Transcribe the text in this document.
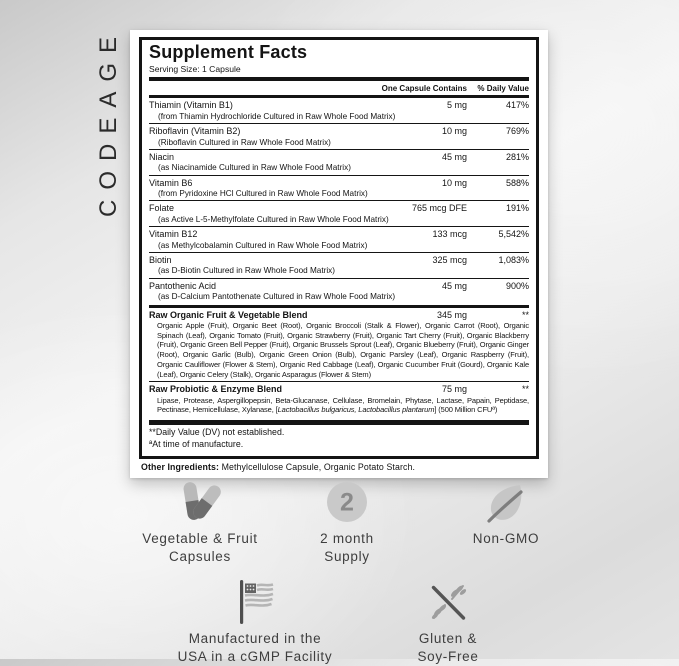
CODEAGE Supplement Facts
Serving Size: 1 Capsule
One Capsule Contains	% Daily Value
Thiamin (Vitamin B1)	5 mg	417%
(from Thiamin Hydrochloride Cultured in Raw Whole Food Matrix)
Riboflavin (Vitamin B2)	10 mg	769%
(Riboflavin Cultured in Raw Whole Food Matrix)
Niacin	45 mg	281%
(as Niacinamide Cultured in Raw Whole Food Matrix)
Vitamin B6	10 mg	588%
(from Pyridoxine HCl Cultured in Raw Whole Food Matrix)
Folate	765 mcg DFE	191%
(as Active L-5-Methylfolate Cultured in Raw Whole Food Matrix)
Vitamin B12	133 mcg	5,542%
(as Methylcobalamin Cultured in Raw Whole Food Matrix)
Biotin	325 mcg	1,083%
(as D-Biotin Cultured in Raw Whole Food Matrix)
Pantothenic Acid	45 mg	900%
(as D-Calcium Pantothenate Cultured in Raw Whole Food Matrix)
Raw Organic Fruit & Vegetable Blend	345 mg	**
Organic Apple (Fruit), Organic Beet (Root), Organic Broccoli (Stalk & Flower), Organic Carrot (Root), Organic Spinach (Leaf), Organic Tomato (Fruit), Organic Strawberry (Fruit), Organic Tart Cherry (Fruit), Organic Blackberry (Fruit), Organic Green Bell Pepper (Fruit), Organic Brussels Sprout (Leaf), Organic Blueberry (Fruit), Organic Ginger (Root), Organic Garlic (Bulb), Organic Green Onion (Bulb), Organic Parsley (Leaf), Organic Raspberry (Fruit), Organic Cauliflower (Flower & Stem), Organic Red Cabbage (Leaf), Organic Cucumber Fruit (Gourd), Organic Kale (Leaf), Organic Celery (Stalk), Organic Asparagus (Flower & Stem)
Raw Probiotic & Enzyme Blend	75 mg	**
Lipase, Protease, Aspergillopepsin, Beta-Glucanase, Cellulase, Bromelain, Phytase, Lactase, Papain, Peptidase, Pectinase, Hemicellulase, Xylanase, [Lactobacillus bulgaricus, Lactobacillus plantarum] (500 Million CFUª)
**Daily Value (DV) not established.
ªAt time of manufacture.
Other Ingredients: Methylcellulose Capsule, Organic Potato Starch.
Vegetable & Fruit
Capsules
2
2 month
Supply
Non-GMO
Manufactured in the
USA in a cGMP Facility
Gluten &
Soy-Free
